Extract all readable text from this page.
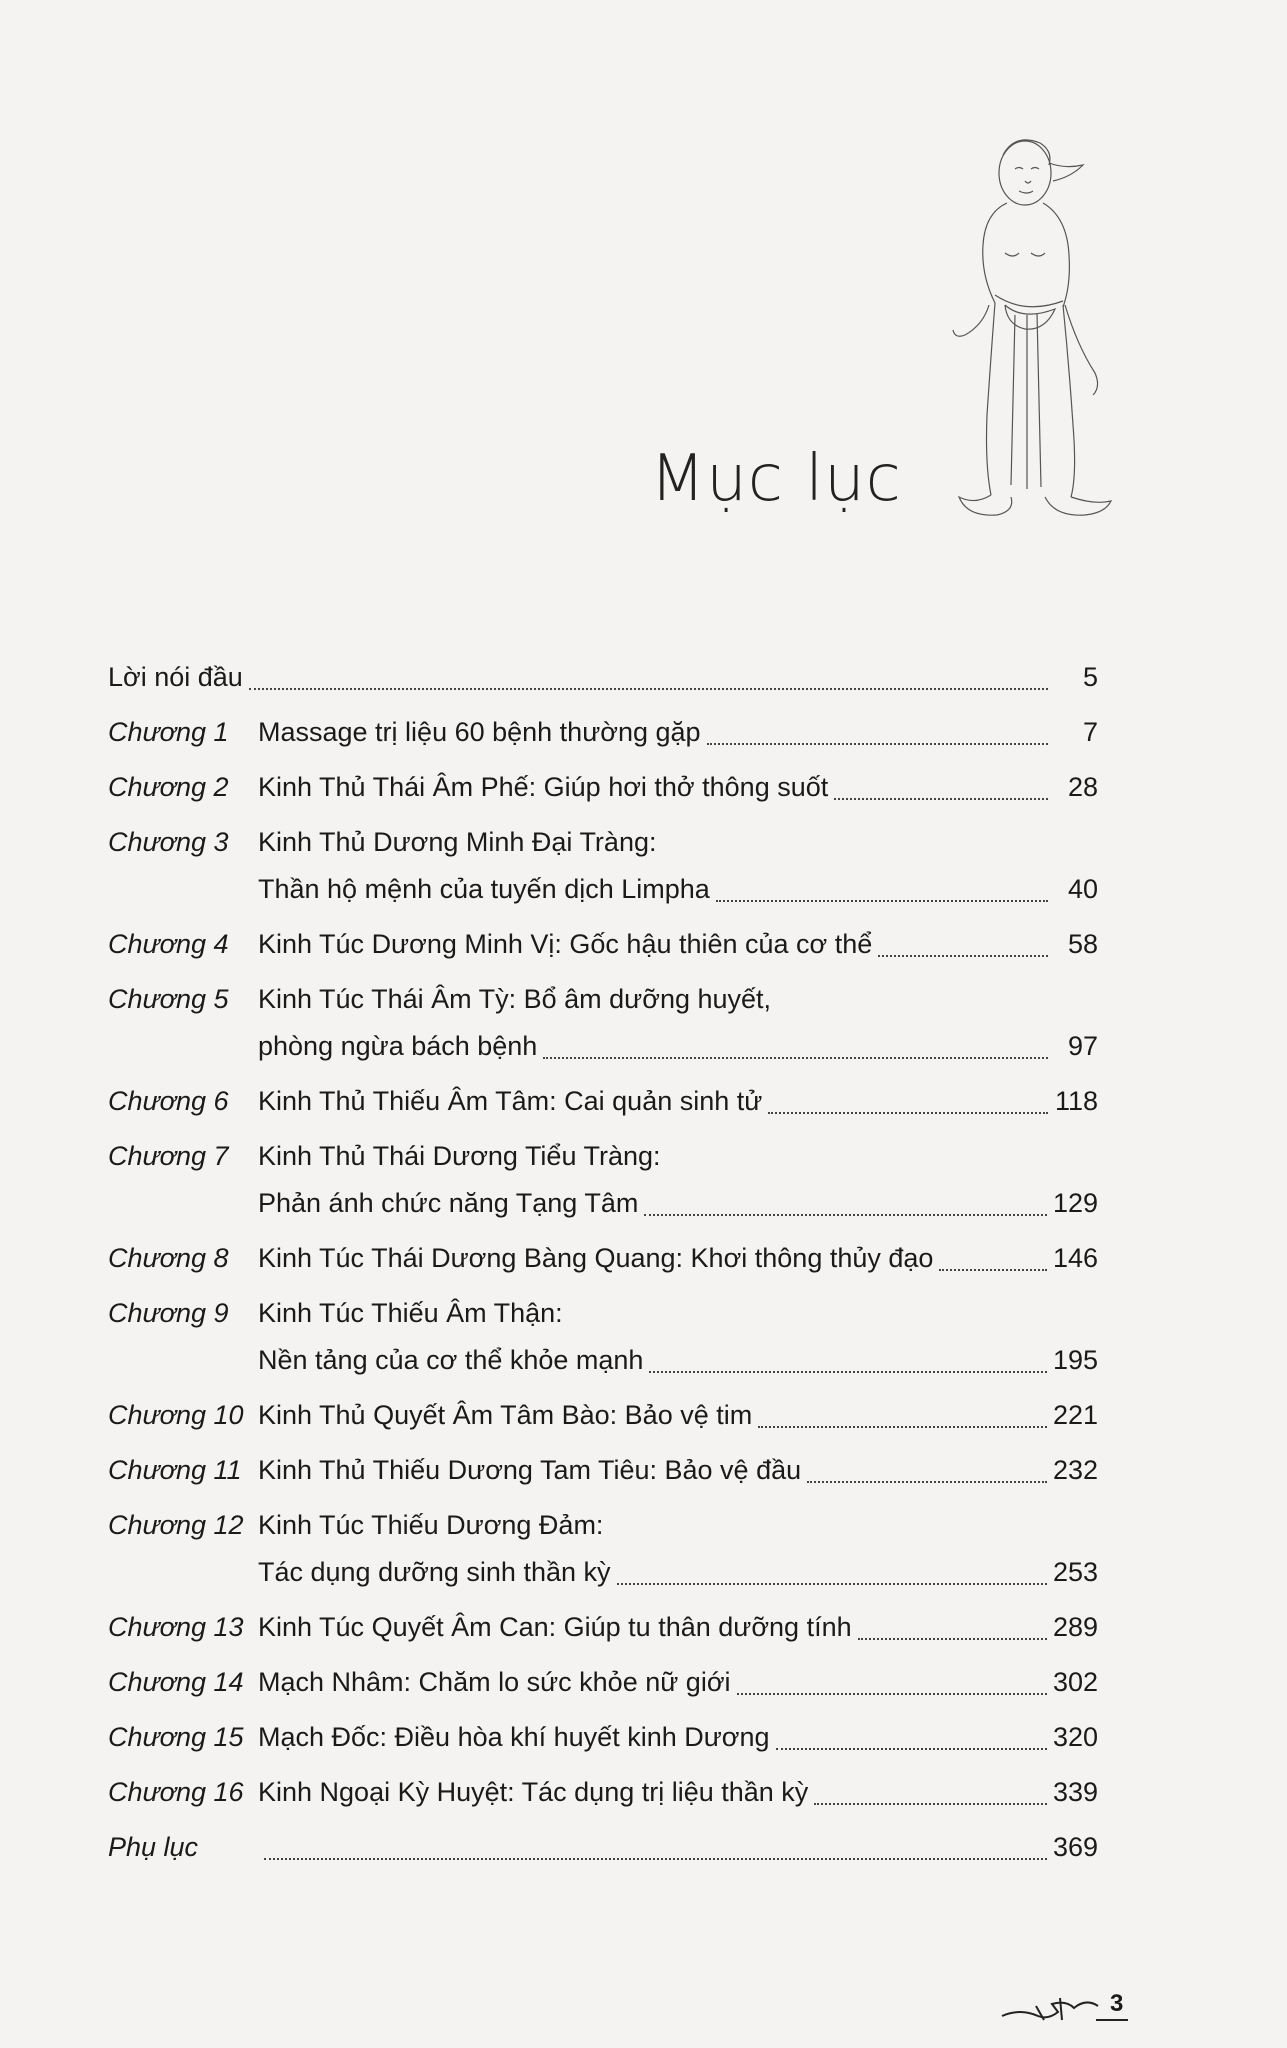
Mục lục
Lời nói đầu	5
Chương 1 Massage trị liệu 60 bệnh thường gặp	7
Chương 2 Kinh Thủ Thái Âm Phế: Giúp hơi thở thông suốt	28
Chương 3 Kinh Thủ Dương Minh Đại Tràng:
Thần hộ mệnh của tuyến dịch Limpha	40
Chương 4 Kinh Túc Dương Minh Vị: Gốc hậu thiên của cơ thể	58
Chương 5 Kinh Túc Thái Âm Tỳ: Bổ âm dưỡng huyết,
phòng ngừa bách bệnh	97
Chương 6 Kinh Thủ Thiếu Âm Tâm: Cai quản sinh tử	118
Chương 7 Kinh Thủ Thái Dương Tiểu Tràng:
Phản ánh chức năng Tạng Tâm	129
Chương 8 Kinh Túc Thái Dương Bàng Quang: Khơi thông thủy đạo	146
Chương 9 Kinh Túc Thiếu Âm Thận:
Nền tảng của cơ thể khỏe mạnh	195
Chương 10 Kinh Thủ Quyết Âm Tâm Bào: Bảo vệ tim	221
Chương 11 Kinh Thủ Thiếu Dương Tam Tiêu: Bảo vệ đầu	232
Chương 12 Kinh Túc Thiếu Dương Đảm:
Tác dụng dưỡng sinh thần kỳ	253
Chương 13 Kinh Túc Quyết Âm Can: Giúp tu thân dưỡng tính	289
Chương 14 Mạch Nhâm: Chăm lo sức khỏe nữ giới	302
Chương 15 Mạch Đốc: Điều hòa khí huyết kinh Dương	320
Chương 16 Kinh Ngoại Kỳ Huyệt: Tác dụng trị liệu thần kỳ	339
Phụ lục	369
3
